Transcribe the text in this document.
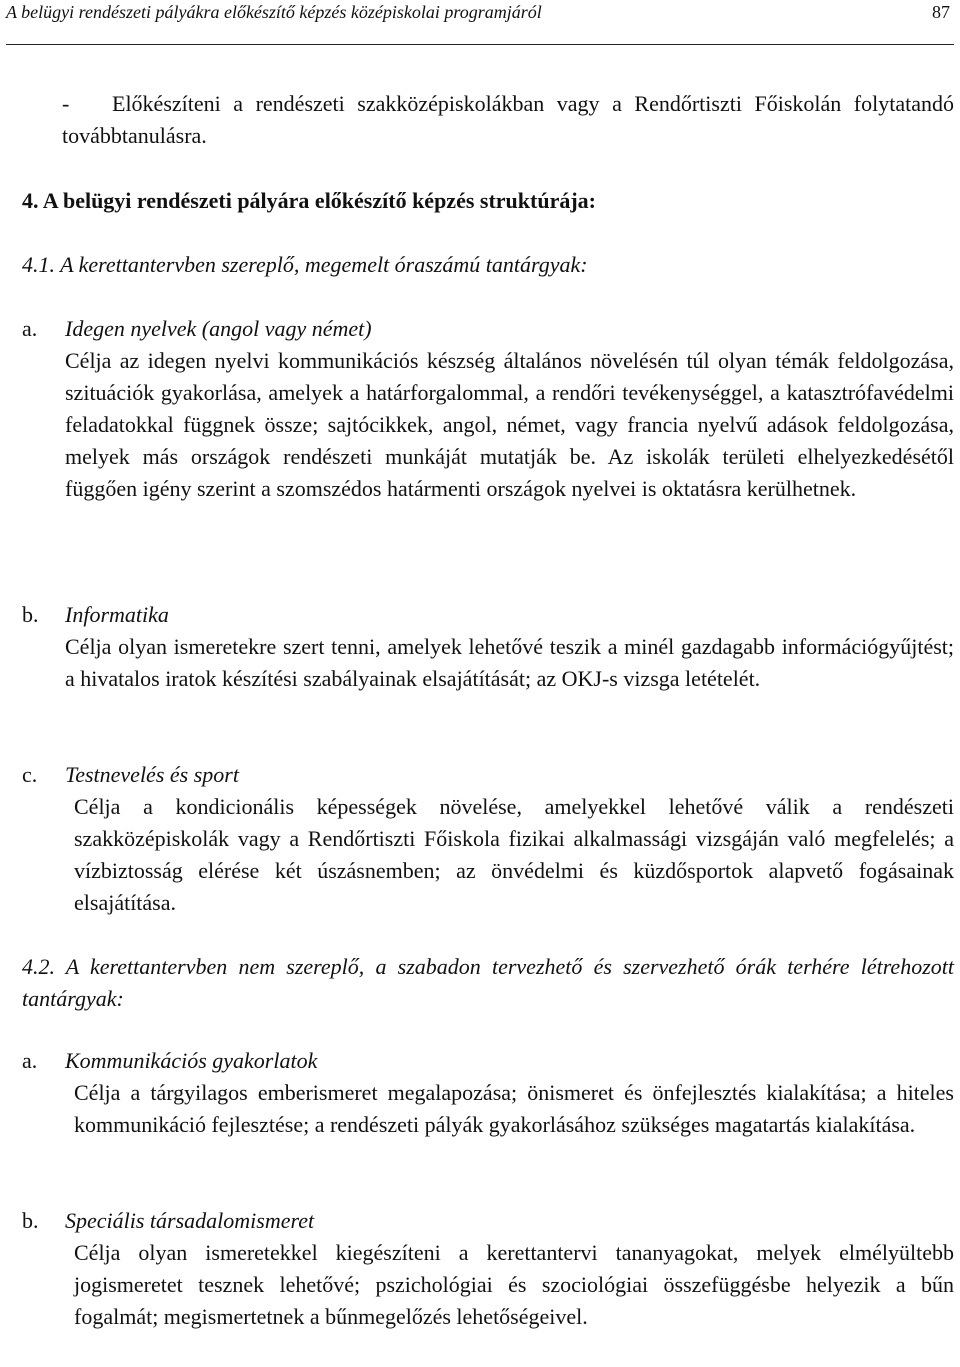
A belügyi rendészeti pályákra előkészítő képzés középiskolai programjáról	87
-	Előkészíteni a rendészeti szakközépiskolákban vagy a Rendőrtiszti Főiskolán folytatandó továbbtanulásra.
4. A belügyi rendészeti pályára előkészítő képzés struktúrája:
4.1. A kerettantervben szereplő, megemelt óraszámú tantárgyak:
a. Idegen nyelvek (angol vagy német)
Célja az idegen nyelvi kommunikációs készség általános növelésén túl olyan témák feldolgozása, szituációk gyakorlása, amelyek a határforgalommal, a rendőri tevékenységgel, a katasztrófavédelmi feladatokkal függnek össze; sajtócikkek, angol, német, vagy francia nyelvű adások feldolgozása, melyek más országok rendészeti munkáját mutatják be. Az iskolák területi elhelyezkedésétől függően igény szerint a szomszédos határmenti országok nyelvei is oktatásra kerülhetnek.
b. Informatika
Célja olyan ismeretekre szert tenni, amelyek lehetővé teszik a minél gazdagabb információgyűjtést; a hivatalos iratok készítési szabályainak elsajátítását; az OKJ-s vizsga letételét.
c. Testnevelés és sport
Célja a kondicionális képességek növelése, amelyekkel lehetővé válik a rendészeti szakközépiskolák vagy a Rendőrtiszti Főiskola fizikai alkalmassági vizsgáján való megfelelés; a vízbiztosság elérése két úszásnemben; az önvédelmi és küzdősportok alapvető fogásainak elsajátítása.
4.2. A kerettantervben nem szereplő, a szabadon tervezhető és szervezhető órák terhére létrehozott tantárgyak:
a. Kommunikációs gyakorlatok
Célja a tárgyilagos emberismeret megalapozása; önismeret és önfejlesztés kialakítása; a hiteles kommunikáció fejlesztése; a rendészeti pályák gyakorlásához szükséges magatartás kialakítása.
b. Speciális társadalomismeret
Célja olyan ismeretekkel kiegészíteni a kerettantervi tananyagokat, melyek elmélyültebb jogismeretet tesznek lehetővé; pszichológiai és szociológiai összefüggésbe helyezik a bűn fogalmát; megismertetnek a bűnmegelőzés lehetőségeivel.
